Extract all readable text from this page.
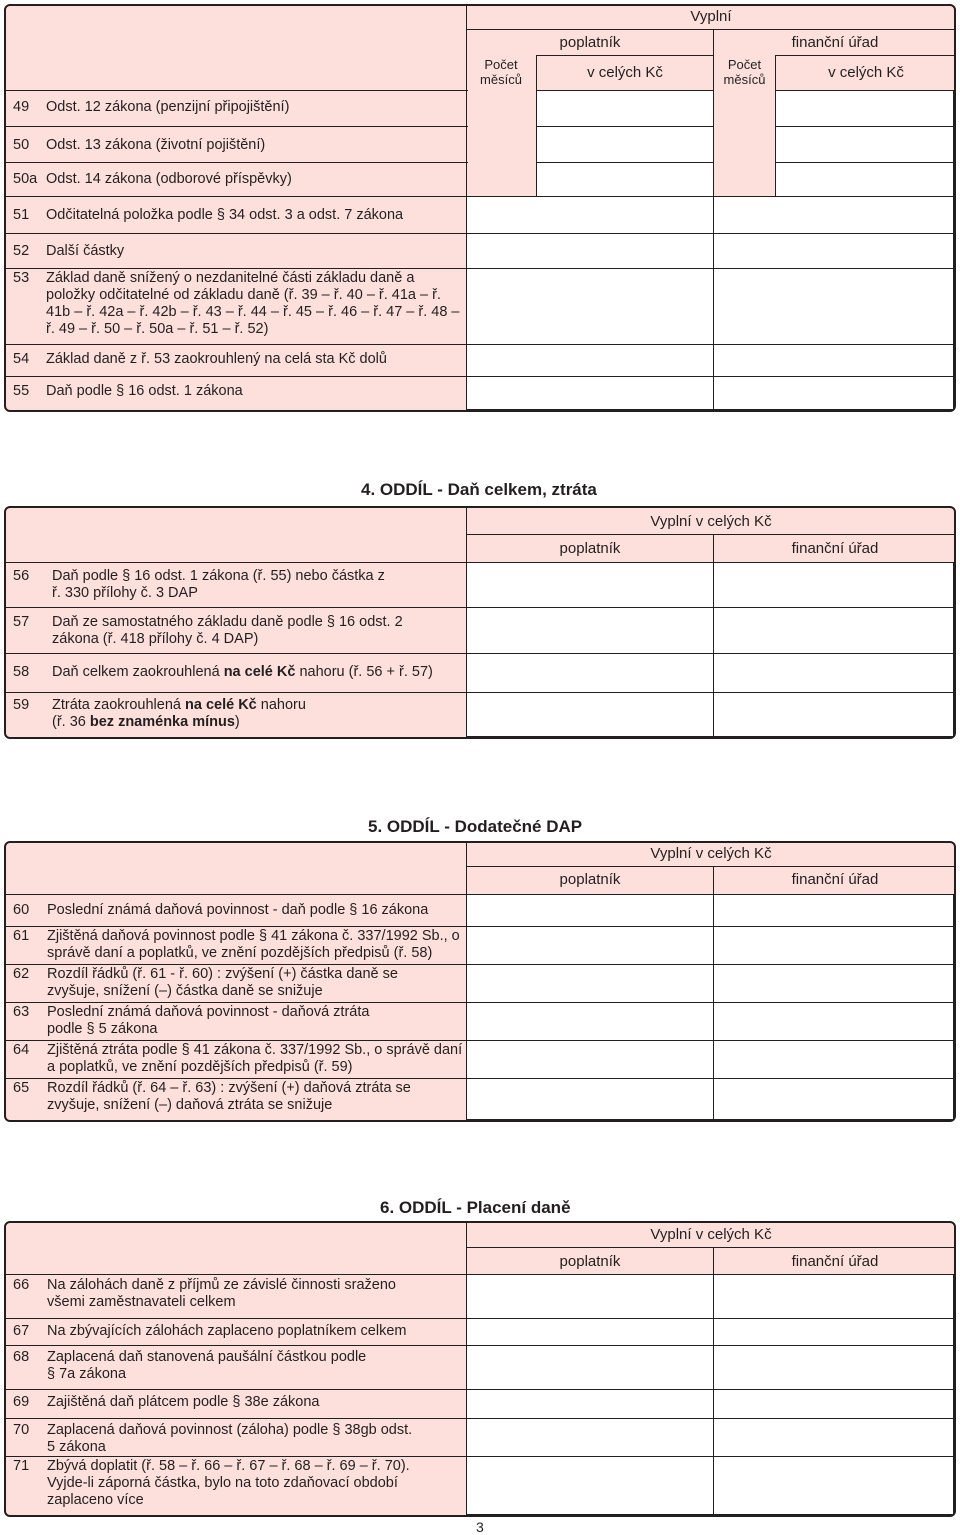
Vyplní
poplatník	finanční úřad
Počet měsíců	v celých Kč	Počet měsíců	v celých Kč
49	Odst. 12 zákona (penzijní připojištění)
50	Odst. 13 zákona (životní pojištění)
50a Odst. 14 zákona (odborové příspěvky)
51	Odčitatelná položka podle § 34 odst. 3 a odst. 7 zákona
52	Další částky
53	Základ daně snížený o nezdanitelné části základu daně a položky odčitatelné od základu daně (ř. 39 – ř. 40 – ř. 41a – ř. 41b – ř. 42a – ř. 42b – ř. 43 – ř. 44 – ř. 45 – ř. 46 – ř. 47 – ř. 48 – ř. 49 – ř. 50 – ř. 50a – ř. 51 – ř. 52)
54	Základ daně z ř. 53 zaokrouhlený na celá sta Kč dolů
55	Daň podle § 16 odst. 1 zákona
4. ODDÍL - Daň celkem, ztráta
Vyplní v celých Kč
poplatník	finanční úřad
56	Daň podle § 16 odst. 1 zákona (ř. 55) nebo částka z ř. 330 přílohy č. 3 DAP
57	Daň ze samostatného základu daně podle § 16 odst. 2 zákona (ř. 418 přílohy č. 4 DAP)
58	Daň celkem zaokrouhlená na celé Kč nahoru (ř. 56 + ř. 57)
59	Ztráta zaokrouhlená na celé Kč nahoru
(ř. 36 bez znaménka mínus)
5. ODDÍL - Dodatečné DAP
Vyplní v celých Kč
poplatník	finanční úřad
60	Poslední známá daňová povinnost - daň podle § 16 zákona
61	Zjištěná daňová povinnost podle § 41 zákona č. 337/1992 Sb., o správě daní a poplatků, ve znění pozdějších předpisů (ř. 58)
62	Rozdíl řádků (ř. 61 - ř. 60) : zvýšení (+) částka daně se zvyšuje, snížení (–) částka daně se snižuje
63	Poslední známá daňová povinnost - daňová ztráta podle § 5 zákona
64	Zjištěná ztráta podle § 41 zákona č. 337/1992 Sb., o správě daní a poplatků, ve znění pozdějších předpisů (ř. 59)
65	Rozdíl řádků (ř. 64 – ř. 63) : zvýšení (+) daňová ztráta se zvyšuje, snížení (–) daňová ztráta se snižuje
6. ODDÍL - Placení daně
Vyplní v celých Kč
poplatník	finanční úřad
66	Na zálohách daně z příjmů ze závislé činnosti sraženo všemi zaměstnavateli celkem
67	Na zbývajících zálohách zaplaceno poplatníkem celkem
68	Zaplacená daň stanovená paušální částkou podle § 7a zákona
69	Zajištěná daň plátcem podle § 38e zákona
70	Zaplacená daňová povinnost (záloha) podle § 38gb odst. 5 zákona
71	Zbývá doplatit (ř. 58 – ř. 66 – ř. 67 – ř. 68 – ř. 69 – ř. 70). Vyjde-li záporná částka, bylo na toto zdaňovací období zaplaceno více
3
